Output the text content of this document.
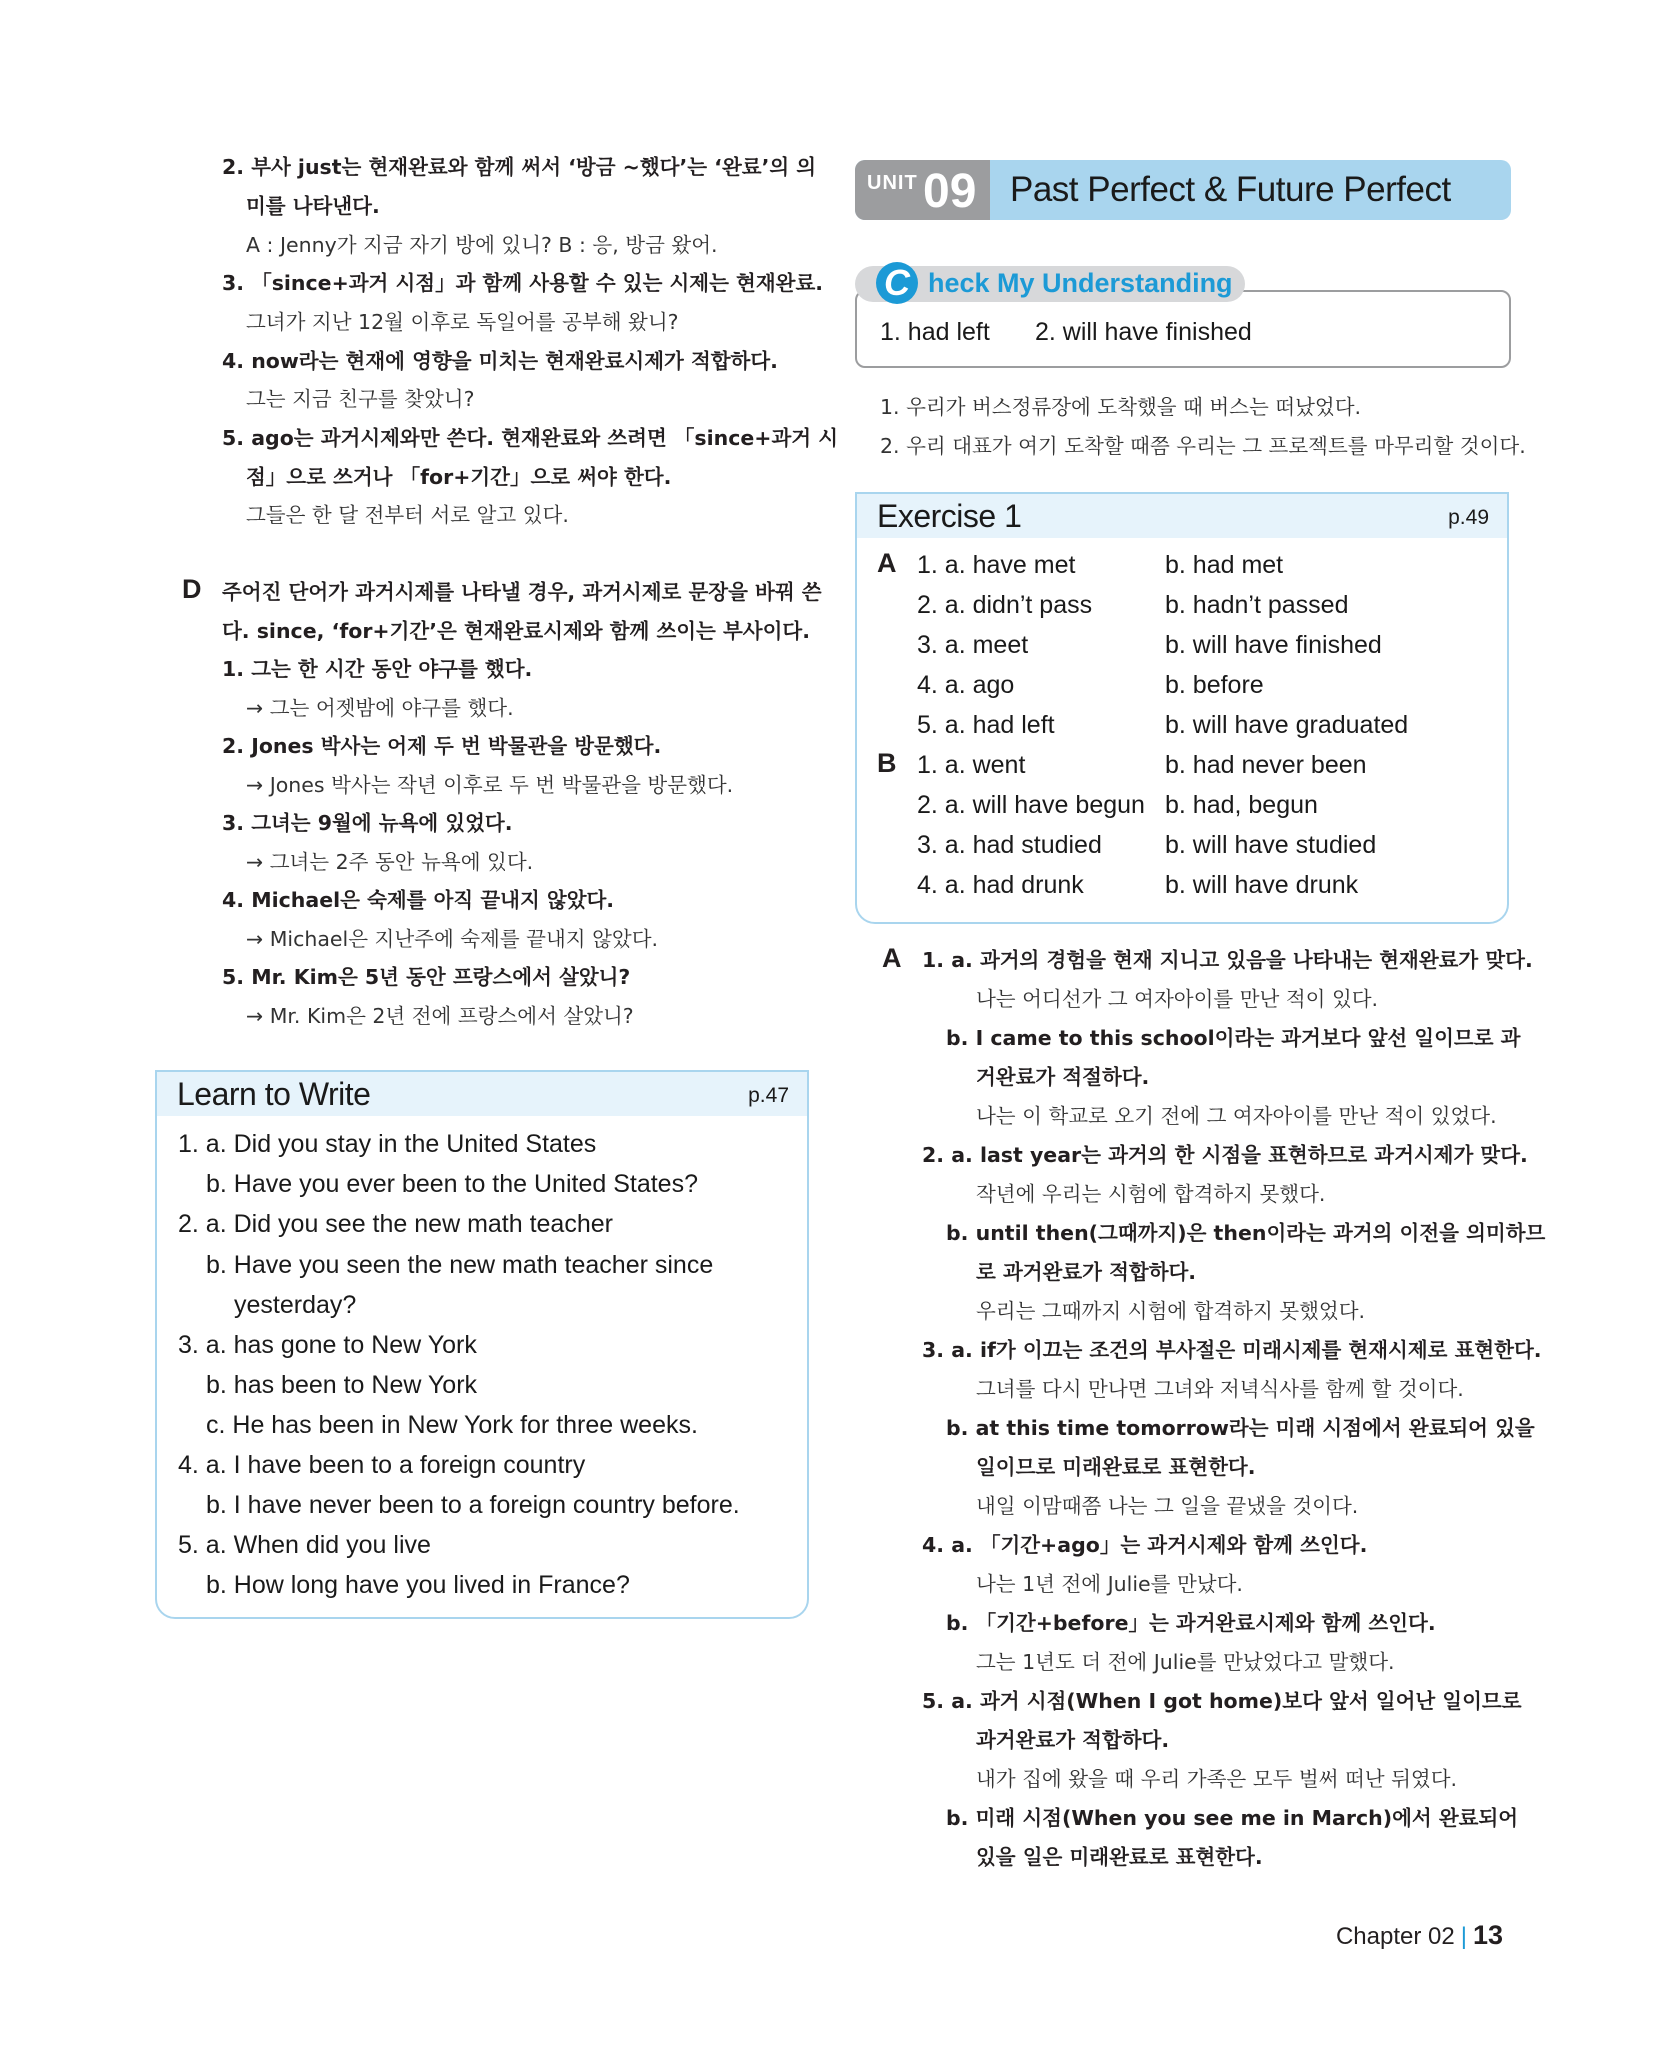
2. 부사 just는 현재완료와 함께 써서 ‘방금 ~했다’는 ‘완료’의 의
미를 나타낸다.
A : Jenny가 지금 자기 방에 있니? B : 응, 방금 왔어.
3. 「since+과거 시점」과 함께 사용할 수 있는 시제는 현재완료.
그녀가 지난 12월 이후로 독일어를 공부해 왔니?
4. now라는 현재에 영향을 미치는 현재완료시제가 적합하다.
그는 지금 친구를 찾았니?
5. ago는 과거시제와만 쓴다. 현재완료와 쓰려면 「since+과거 시
점」으로 쓰거나 「for+기간」으로 써야 한다.
그들은 한 달 전부터 서로 알고 있다.
D 주어진 단어가 과거시제를 나타낼 경우, 과거시제로 문장을 바꿔 쓴
다. since, ‘for+기간’은 현재완료시제와 함께 쓰이는 부사이다.
1. 그는 한 시간 동안 야구를 했다.
→ 그는 어젯밤에 야구를 했다.
2. Jones 박사는 어제 두 번 박물관을 방문했다.
→ Jones 박사는 작년 이후로 두 번 박물관을 방문했다.
3. 그녀는 9월에 뉴욕에 있었다.
→ 그녀는 2주 동안 뉴욕에 있다.
4. Michael은 숙제를 아직 끝내지 않았다.
→ Michael은 지난주에 숙제를 끝내지 않았다.
5. Mr. Kim은 5년 동안 프랑스에서 살았니?
→ Mr. Kim은 2년 전에 프랑스에서 살았니?
Learn to Write	p.47
1. a. Did you stay in the United States
b. Have you ever been to the United States?
2. a. Did you see the new math teacher
b. Have you seen the new math teacher since
yesterday?
3. a. has gone to New York
b. has been to New York
c. He has been in New York for three weeks.
4. a. I have been to a foreign country
b. I have never been to a foreign country before.
5. a. When did you live
b. How long have you lived in France?
UNIT 09 Past Perfect & Future Perfect
C heck My Understanding
1. had left 2. will have finished
1. 우리가 버스정류장에 도착했을 때 버스는 떠났었다.
2. 우리 대표가 여기 도착할 때쯤 우리는 그 프로젝트를 마무리할 것이다.
Exercise 1	p.49
A 1. a. have met	b. had met
2. a. didn’t pass	b. hadn’t passed
3. a. meet	b. will have finished
4. a. ago	b. before
5. a. had left	b. will have graduated
B 1. a. went	b. had never been
2. a. will have begun b. had, begun
3. a. had studied	b. will have studied
4. a. had drunk	b. will have drunk
A 1. a. 과거의 경험을 현재 지니고 있음을 나타내는 현재완료가 맞다.
나는 어디선가 그 여자아이를 만난 적이 있다.
b. I came to this school이라는 과거보다 앞선 일이므로 과
거완료가 적절하다.
나는 이 학교로 오기 전에 그 여자아이를 만난 적이 있었다.
2. a. last year는 과거의 한 시점을 표현하므로 과거시제가 맞다.
작년에 우리는 시험에 합격하지 못했다.
b. until then(그때까지)은 then이라는 과거의 이전을 의미하므
로 과거완료가 적합하다.
우리는 그때까지 시험에 합격하지 못했었다.
3. a. if가 이끄는 조건의 부사절은 미래시제를 현재시제로 표현한다.
그녀를 다시 만나면 그녀와 저녁식사를 함께 할 것이다.
b. at this time tomorrow라는 미래 시점에서 완료되어 있을
일이므로 미래완료로 표현한다.
내일 이맘때쯤 나는 그 일을 끝냈을 것이다.
4. a. 「기간+ago」는 과거시제와 함께 쓰인다.
나는 1년 전에 Julie를 만났다.
b. 「기간+before」는 과거완료시제와 함께 쓰인다.
그는 1년도 더 전에 Julie를 만났었다고 말했다.
5. a. 과거 시점(When I got home)보다 앞서 일어난 일이므로
과거완료가 적합하다.
내가 집에 왔을 때 우리 가족은 모두 벌써 떠난 뒤였다.
b. 미래 시점(When you see me in March)에서 완료되어
있을 일은 미래완료로 표현한다.
Chapter 02 | 13
